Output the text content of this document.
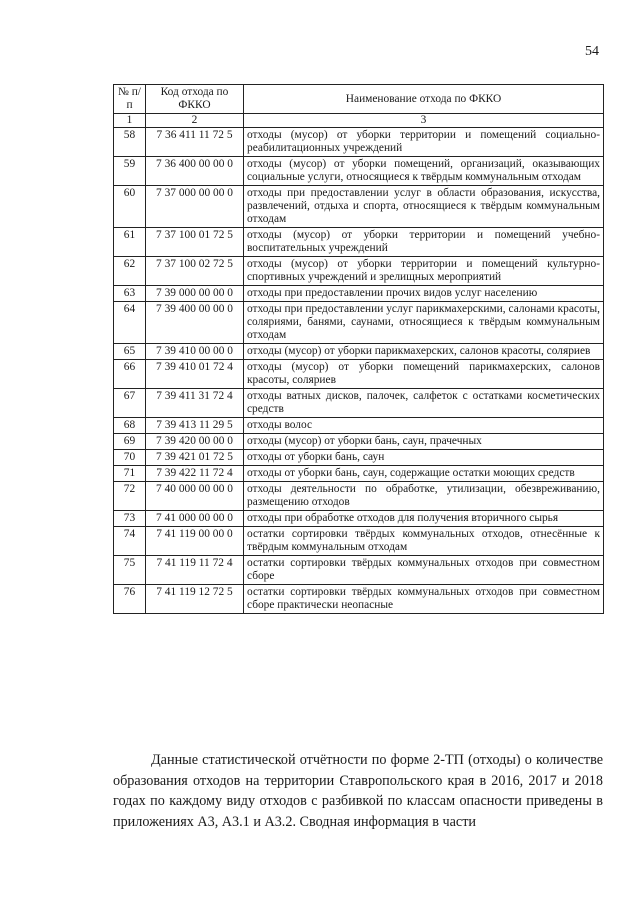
54
№ п/п	Код отхода по ФККО	Наименование отхода по ФККО
1	2	3
58	7 36 411 11 72 5	отходы (мусор) от уборки территории и помещений социально-реабилитационных учреждений
59	7 36 400 00 00 0	отходы (мусор) от уборки помещений, организаций, оказывающих социальные услуги, относящиеся к твёрдым коммунальным отходам
60	7 37 000 00 00 0	отходы при предоставлении услуг в области образования, искусства, развлечений, отдыха и спорта, относящиеся к твёрдым коммунальным отходам
61	7 37 100 01 72 5	отходы (мусор) от уборки территории и помещений учебно-воспитательных учреждений
62	7 37 100 02 72 5	отходы (мусор) от уборки территории и помещений культурно-спортивных учреждений и зрелищных мероприятий
63	7 39 000 00 00 0	отходы при предоставлении прочих видов услуг населению
64	7 39 400 00 00 0	отходы при предоставлении услуг парикмахерскими, салонами красоты, соляриями, банями, саунами, относящиеся к твёрдым коммунальным отходам
65	7 39 410 00 00 0	отходы (мусор) от уборки парикмахерских, салонов красоты, соляриев
66	7 39 410 01 72 4	отходы (мусор) от уборки помещений парикмахерских, салонов красоты, соляриев
67	7 39 411 31 72 4	отходы ватных дисков, палочек, салфеток с остатками косметических средств
68	7 39 413 11 29 5	отходы волос
69	7 39 420 00 00 0	отходы (мусор) от уборки бань, саун, прачечных
70	7 39 421 01 72 5	отходы от уборки бань, саун
71	7 39 422 11 72 4	отходы от уборки бань, саун, содержащие остатки моющих средств
72	7 40 000 00 00 0	отходы деятельности по обработке, утилизации, обезвреживанию, размещению отходов
73	7 41 000 00 00 0	отходы при обработке отходов для получения вторичного сырья
74	7 41 119 00 00 0	остатки сортировки твёрдых коммунальных отходов, отнесённые к твёрдым коммунальным отходам
75	7 41 119 11 72 4	остатки сортировки твёрдых коммунальных отходов при совместном сборе
76	7 41 119 12 72 5	остатки сортировки твёрдых коммунальных отходов при совместном сборе практически неопасные
Данные статистической отчётности по форме 2-ТП (отходы) о количестве образования отходов на территории Ставропольского края в 2016, 2017 и 2018 годах по каждому виду отходов с разбивкой по классам опасности приведены в приложениях А3, А3.1 и А3.2. Сводная информация в части
